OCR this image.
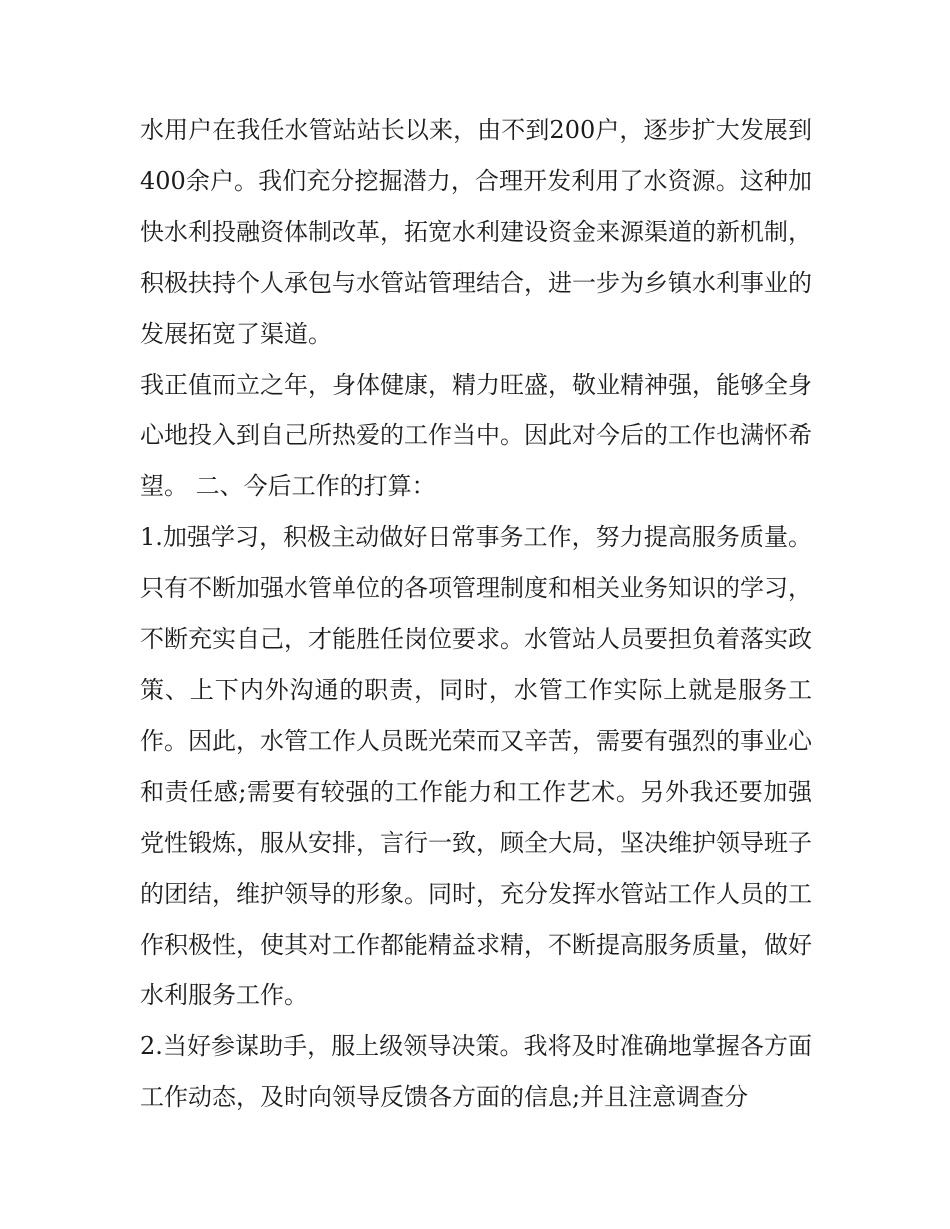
水用户在我任水管站站长以来，由不到200户，逐步扩大发展到400余户。我们充分挖掘潜力，合理开发利用了水资源。这种加快水利投融资体制改革，拓宽水利建设资金来源渠道的新机制，积极扶持个人承包与水管站管理结合，进一步为乡镇水利事业的发展拓宽了渠道。

我正值而立之年，身体健康，精力旺盛，敬业精神强，能够全身心地投入到自己所热爱的工作当中。因此对今后的工作也满怀希望。 二、今后工作的打算：

1.加强学习，积极主动做好日常事务工作，努力提高服务质量。只有不断加强水管单位的各项管理制度和相关业务知识的学习，不断充实自己，才能胜任岗位要求。水管站人员要担负着落实政策、上下内外沟通的职责，同时，水管工作实际上就是服务工作。因此，水管工作人员既光荣而又辛苦，需要有强烈的事业心和责任感;需要有较强的工作能力和工作艺术。另外我还要加强党性锻炼，服从安排，言行一致，顾全大局，坚决维护领导班子的团结，维护领导的形象。同时，充分发挥水管站工作人员的工作积极性，使其对工作都能精益求精，不断提高服务质量，做好水利服务工作。

2.当好参谋助手，服上级领导决策。我将及时准确地掌握各方面工作动态，及时向领导反馈各方面的信息;并且注意调查分
